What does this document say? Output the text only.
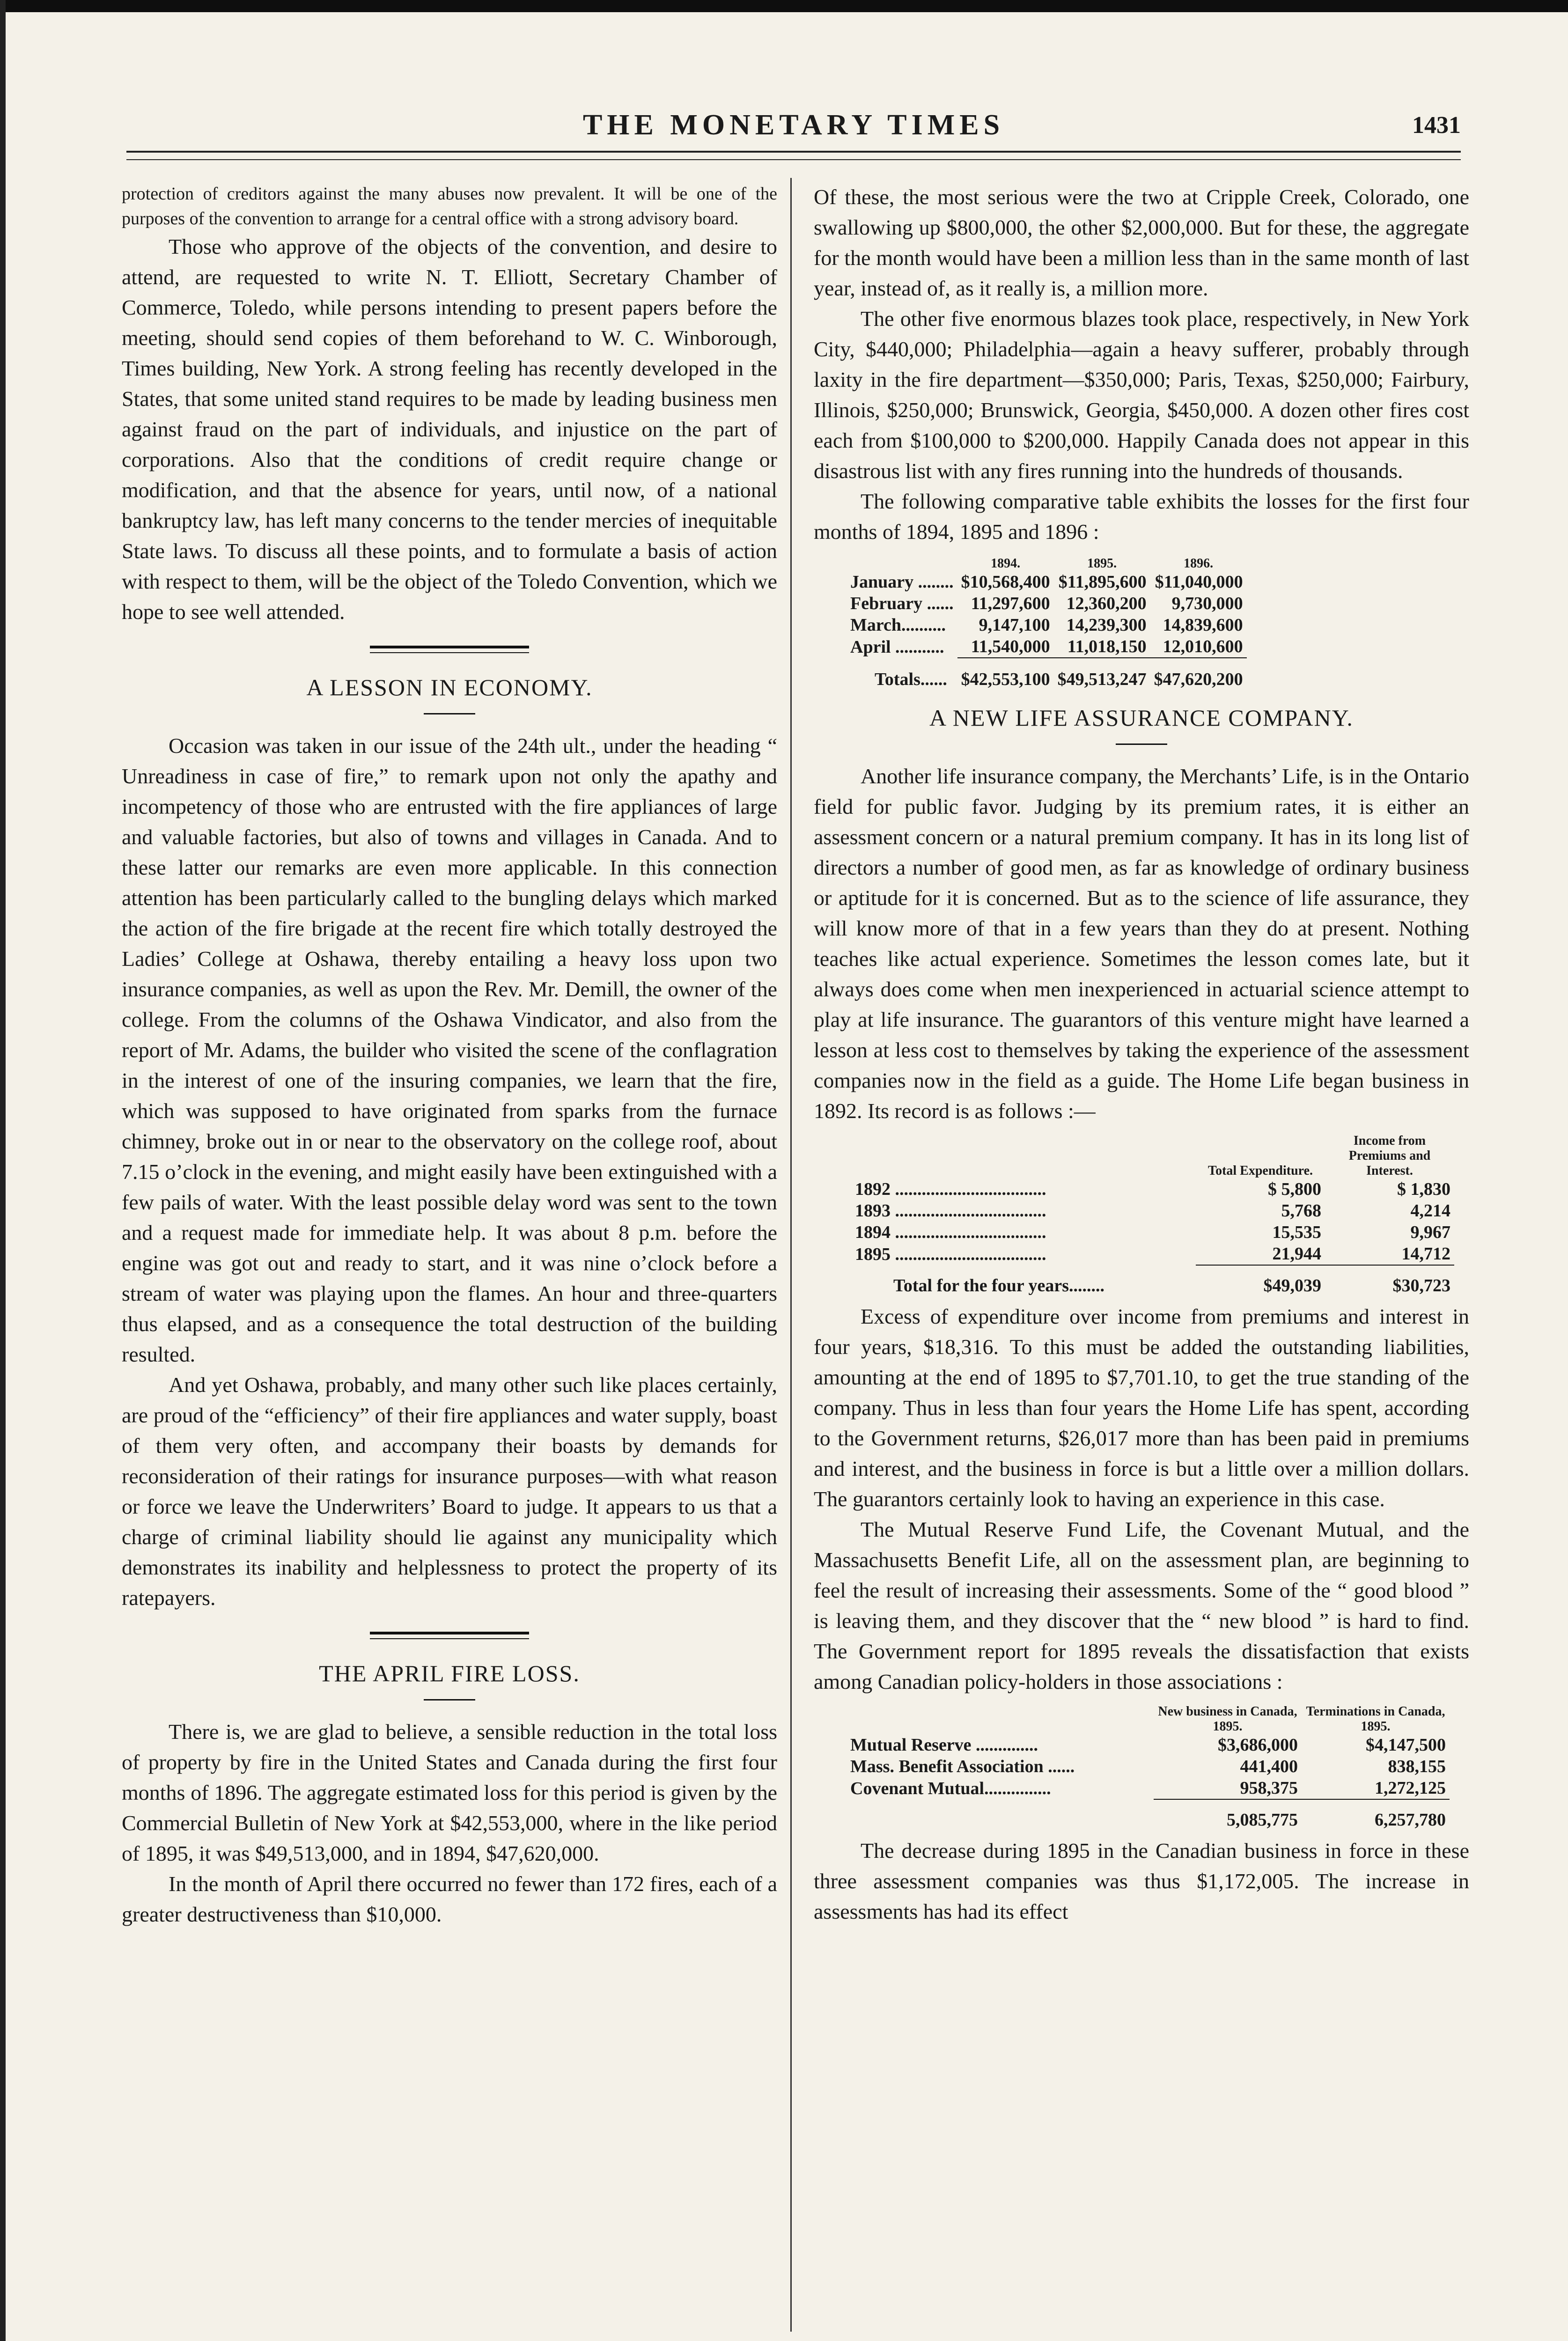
THE MONETARY TIMES	1431

protection of creditors against the many abuses now prevalent. It will be one of the purposes of the convention to arrange for a central office with a strong advisory board.

Those who approve of the objects of the convention, and desire to attend, are requested to write N. T. Elliott, Secretary Chamber of Commerce, Toledo, while persons intending to present papers before the meeting, should send copies of them beforehand to W. C. Winborough, Times building, New York. A strong feeling has recently developed in the States, that some united stand requires to be made by leading business men against fraud on the part of individuals, and injustice on the part of corporations. Also that the conditions of credit require change or modification, and that the absence for years, until now, of a national bankruptcy law, has left many concerns to the tender mercies of inequitable State laws. To discuss all these points, and to formulate a basis of action with respect to them, will be the object of the Toledo Convention, which we hope to see well attended.

A LESSON IN ECONOMY.

Occasion was taken in our issue of the 24th ult., under the heading “ Unreadiness in case of fire,” to remark upon not only the apathy and incompetency of those who are entrusted with the fire appliances of large and valuable factories, but also of towns and villages in Canada. And to these latter our remarks are even more applicable. In this connection attention has been particularly called to the bungling delays which marked the action of the fire brigade at the recent fire which totally destroyed the Ladies’ College at Oshawa, thereby entailing a heavy loss upon two insurance companies, as well as upon the Rev. Mr. Demill, the owner of the college. From the columns of the Oshawa Vindicator, and also from the report of Mr. Adams, the builder who visited the scene of the conflagration in the interest of one of the insuring companies, we learn that the fire, which was supposed to have originated from sparks from the furnace chimney, broke out in or near to the observatory on the college roof, about 7.15 o’clock in the evening, and might easily have been extinguished with a few pails of water. With the least possible delay word was sent to the town and a request made for immediate help. It was about 8 p.m. before the engine was got out and ready to start, and it was nine o’clock before a stream of water was playing upon the flames. An hour and three-quarters thus elapsed, and as a consequence the total destruction of the building resulted.

And yet Oshawa, probably, and many other such like places certainly, are proud of the “efficiency” of their fire appliances and water supply, boast of them very often, and accompany their boasts by demands for reconsideration of their ratings for insurance purposes—with what reason or force we leave the Underwriters’ Board to judge. It appears to us that a charge of criminal liability should lie against any municipality which demonstrates its inability and helplessness to protect the property of its ratepayers.

THE APRIL FIRE LOSS.

There is, we are glad to believe, a sensible reduction in the total loss of property by fire in the United States and Canada during the first four months of 1896. The aggregate estimated loss for this period is given by the Commercial Bulletin of New York at $42,553,000, where in the like period of 1895, it was $49,513,000, and in 1894, $47,620,000.

In the month of April there occurred no fewer than 172 fires, each of a greater destructiveness than $10,000.

Of these, the most serious were the two at Cripple Creek, Colorado, one swallowing up $800,000, the other $2,000,000. But for these, the aggregate for the month would have been a million less than in the same month of last year, instead of, as it really is, a million more.

The other five enormous blazes took place, respectively, in New York City, $440,000; Philadelphia—again a heavy sufferer, probably through laxity in the fire department—$350,000; Paris, Texas, $250,000; Fairbury, Illinois, $250,000; Brunswick, Georgia, $450,000. A dozen other fires cost each from $100,000 to $200,000. Happily Canada does not appear in this disastrous list with any fires running into the hundreds of thousands.

The following comparative table exhibits the losses for the first four months of 1894, 1895 and 1896 :

	1894.	1895.	1896.
January ........	$10,568,400	$11,895,600	$11,040,000
February ......	11,297,600	12,360,200	9,730,000
March..........	9,147,100	14,239,300	14,839,600
April ...........	11,540,000	11,018,150	12,010,600
Totals......	$42,553,100	$49,513,247	$47,620,200
A NEW LIFE ASSURANCE COMPANY.

Another life insurance company, the Merchants’ Life, is in the Ontario field for public favor. Judging by its premium rates, it is either an assessment concern or a natural premium company. It has in its long list of directors a number of good men, as far as knowledge of ordinary business or aptitude for it is concerned. But as to the science of life assurance, they will know more of that in a few years than they do at present. Nothing teaches like actual experience. Sometimes the lesson comes late, but it always does come when men inexperienced in actuarial science attempt to play at life insurance. The guarantors of this venture might have learned a lesson at less cost to themselves by taking the experience of the assessment companies now in the field as a guide. The Home Life began business in 1892. Its record is as follows :—

	Total Expenditure.	Income from Premiums and Interest.
1892 ..................................	$ 5,800	$ 1,830
1893 ..................................	5,768	4,214
1894 ..................................	15,535	9,967
1895 ..................................	21,944	14,712
Total for the four years........	$49,039	$30,723

Excess of expenditure over income from premiums and interest in four years, $18,316. To this must be added the outstanding liabilities, amounting at the end of 1895 to $7,701.10, to get the true standing of the company. Thus in less than four years the Home Life has spent, according to the Government returns, $26,017 more than has been paid in premiums and interest, and the business in force is but a little over a million dollars. The guarantors certainly look to having an experience in this case.

The Mutual Reserve Fund Life, the Covenant Mutual, and the Massachusetts Benefit Life, all on the assessment plan, are beginning to feel the result of increasing their assessments. Some of the “ good blood ” is leaving them, and they discover that the “ new blood ” is hard to find. The Government report for 1895 reveals the dissatisfaction that exists among Canadian policy-holders in those associations :

	New business in Canada, 1895.	Terminations in Canada, 1895.
Mutual Reserve ..............	$3,686,000	$4,147,500
Mass. Benefit Association ......	441,400	838,155
Covenant Mutual...............	958,375	1,272,125
	5,085,775	6,257,780

The decrease during 1895 in the Canadian business in force in these three assessment companies was thus $1,172,005. The increase in assessments has had its effect
